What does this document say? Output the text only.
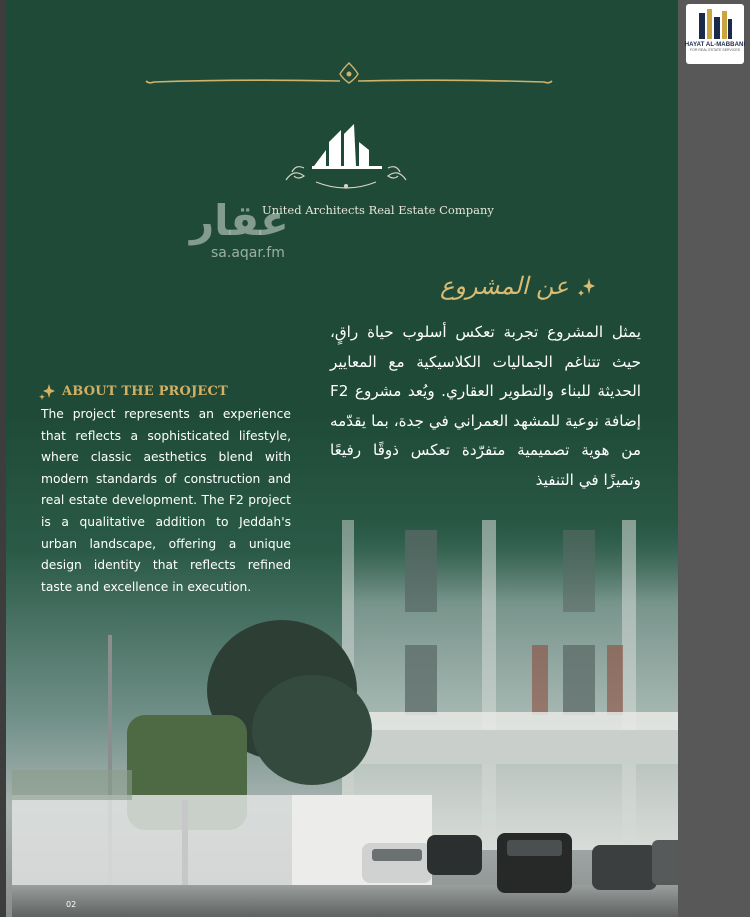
United Architects Real Estate Company
عقار
sa.aqar.fm
عن المشروع
يمثل المشروع تجربة تعكس أسلوب حياة راقٍ، حيث تتناغم الجماليات الكلاسيكية مع المعايير الحديثة للبناء والتطوير العقاري. ويُعد مشروع F2 إضافة نوعية للمشهد العمراني في جدة، بما يقدّمه من هوية تصميمية متفرّدة تعكس ذوقًا رفيعًا وتميزًا في التنفيذ
ABOUT THE PROJECT
The project represents an experience that reflects a sophisticated lifestyle, where classic aesthetics blend with modern standards of construction and real estate development. The F2 project is a qualitative addition to Jeddah's urban landscape, offering a unique design identity that reflects refined taste and excellence in execution.
02
HAYAT AL-MABBANI
FOR REAL ESTATE SERVICES
